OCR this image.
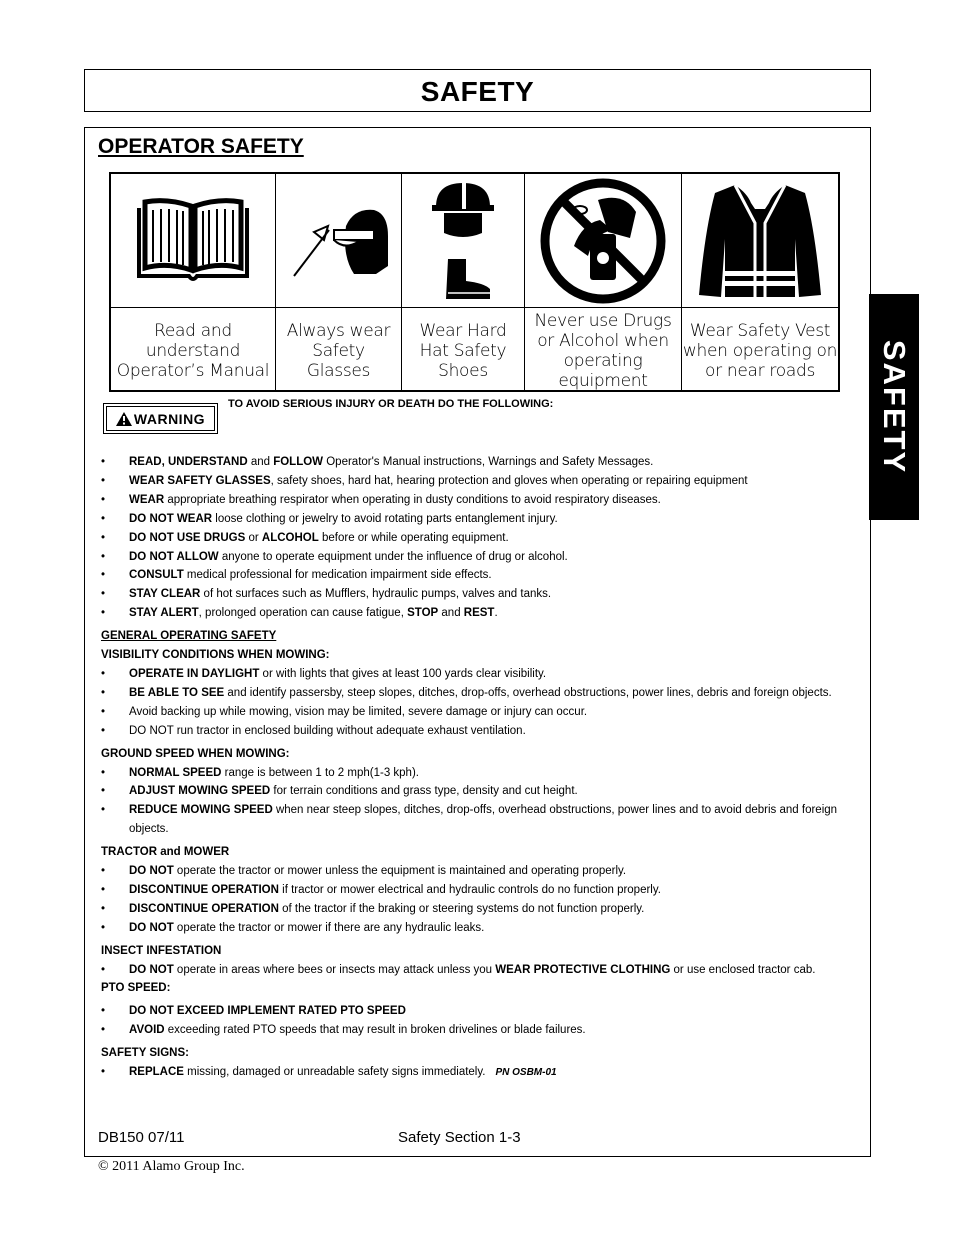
SAFETY
OPERATOR SAFETY
Read and
understand
Operator’s Manual
Always wear
Safety
Glasses
Wear Hard
Hat Safety
Shoes
Never use Drugs
or Alcohol when
operating
equipment
Wear Safety Vest
when operating on
or near roads	SAFETY
WARNING
TO AVOID SERIOUS INJURY OR DEATH DO THE FOLLOWING:
• READ, UNDERSTAND and FOLLOW Operator's Manual instructions, Warnings and Safety Messages.
• WEAR SAFETY GLASSES, safety shoes, hard hat, hearing protection and gloves when operating or repairing equipment
• WEAR appropriate breathing respirator when operating in dusty conditions to avoid respiratory diseases.
• DO NOT WEAR loose clothing or jewelry to avoid rotating parts entanglement injury.
• DO NOT USE DRUGS or ALCOHOL before or while operating equipment.
• DO NOT ALLOW anyone to operate equipment under the influence of drug or alcohol.
• CONSULT medical professional for medication impairment side effects.
• STAY CLEAR of hot surfaces such as Mufflers, hydraulic pumps, valves and tanks.
• STAY ALERT, prolonged operation can cause fatigue, STOP and REST.
GENERAL OPERATING SAFETY
VISIBILITY CONDITIONS WHEN MOWING:
• OPERATE IN DAYLIGHT or with lights that gives at least 100 yards clear visibility.
• BE ABLE TO SEE and identify passersby, steep slopes, ditches, drop-offs, overhead obstructions, power lines, debris and foreign objects.
• Avoid backing up while mowing, vision may be limited, severe damage or injury can occur.
• DO NOT run tractor in enclosed building without adequate exhaust ventilation.
GROUND SPEED WHEN MOWING:
• NORMAL SPEED range is between 1 to 2 mph(1-3 kph).
• ADJUST MOWING SPEED for terrain conditions and grass type, density and cut height.
• REDUCE MOWING SPEED when near steep slopes, ditches, drop-offs, overhead obstructions, power lines and to avoid debris and foreign objects.
TRACTOR and MOWER
• DO NOT operate the tractor or mower unless the equipment is maintained and operating properly.
• DISCONTINUE OPERATION if tractor or mower electrical and hydraulic controls do no function properly.
• DISCONTINUE OPERATION of the tractor if the braking or steering systems do not function properly.
• DO NOT operate the tractor or mower if there are any hydraulic leaks.
INSECT INFESTATION
• DO NOT operate in areas where bees or insects may attack unless you WEAR PROTECTIVE CLOTHING or use enclosed tractor cab.
PTO SPEED:
• DO NOT EXCEED IMPLEMENT RATED PTO SPEED
• AVOID exceeding rated PTO speeds that may result in broken drivelines or blade failures.
SAFETY SIGNS:
• REPLACE missing, damaged or unreadable safety signs immediately. PN OSBM-01
DB150 07/11	Safety Section 1-3
© 2011 Alamo Group Inc.
